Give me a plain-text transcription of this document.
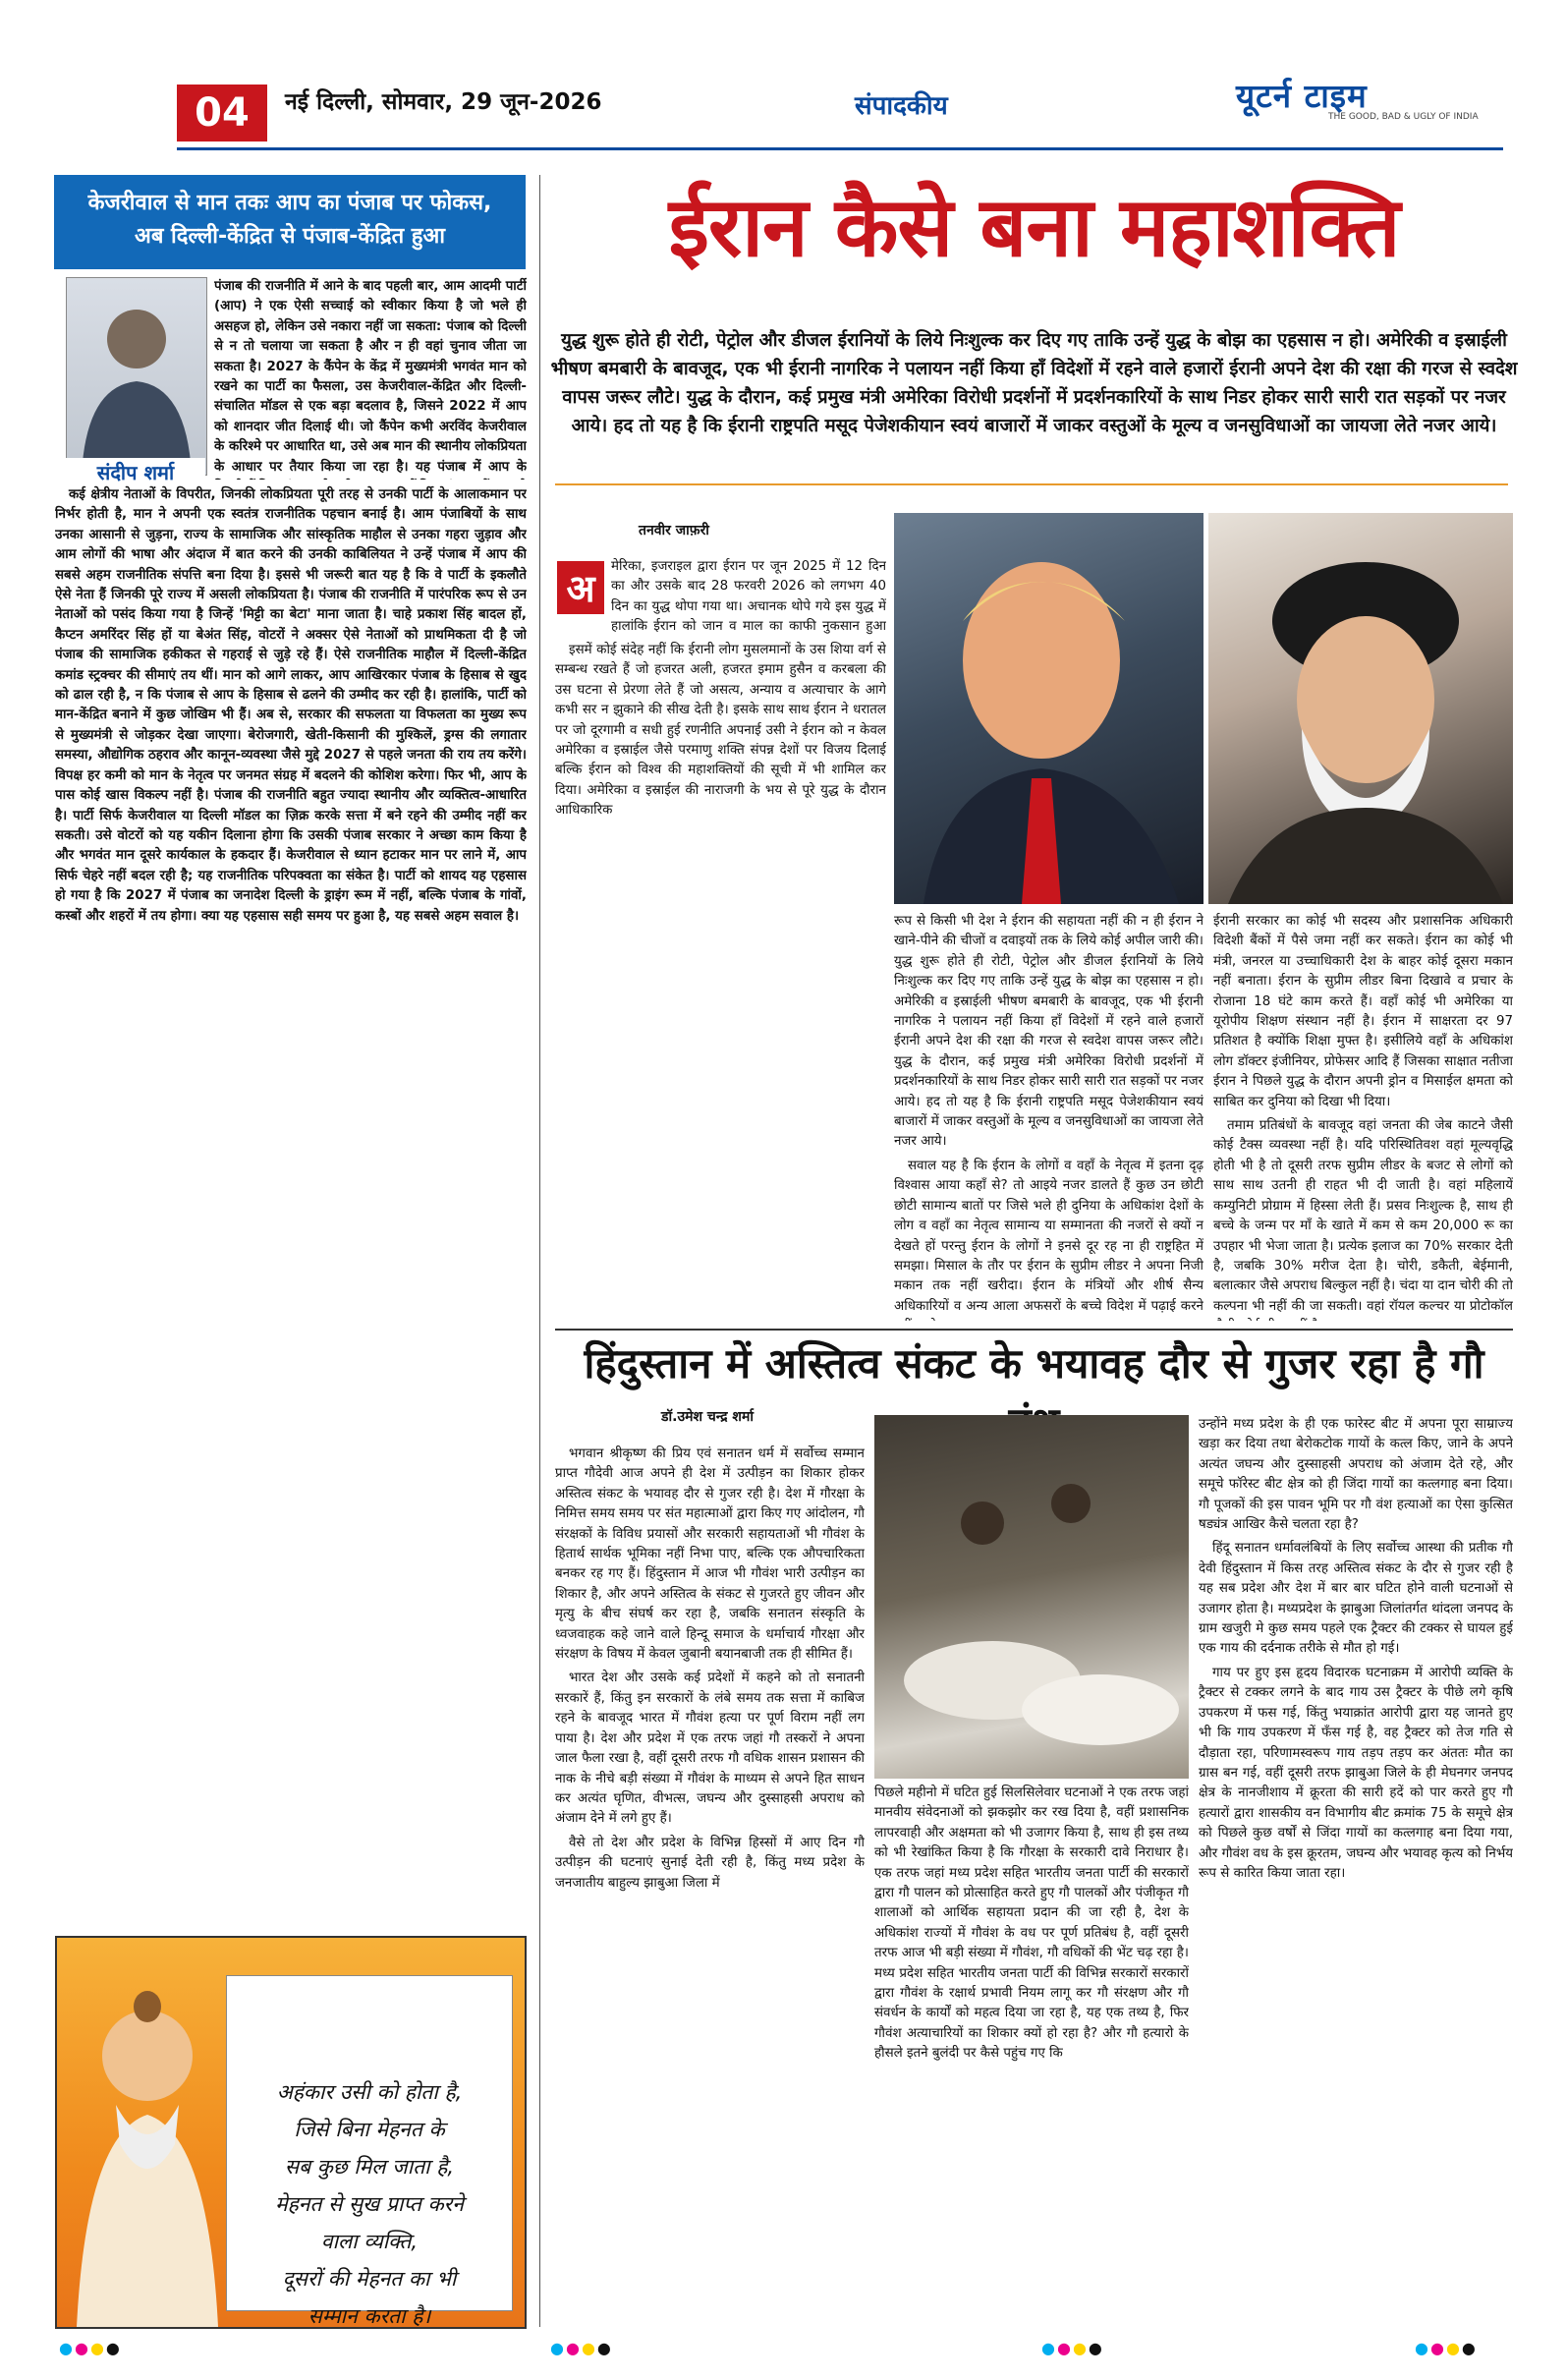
04 नई दिल्ली, सोमवार, 29 जून-2026	संपादकीय	यूटर्न टाइम
THE GOOD, BAD & UGLY OF INDIA
केजरीवाल से मान तकः आप का पंजाब पर फोकस,
अब दिल्ली-केंद्रित से पंजाब-केंद्रित हुआ
संदीप शर्मा

पंजाब की राजनीति में आने के बाद पहली बार, आम आदमी पार्टी (आप) ने एक ऐसी सच्चाई को स्वीकार किया है जो भले ही असहज हो, लेकिन उसे नकारा नहीं जा सकता: पंजाब को दिल्ली से न तो चलाया जा सकता है और न ही वहां चुनाव जीता जा सकता है। 2027 के कैंपेन के केंद्र में मुख्यमंत्री भगवंत मान को रखने का पार्टी का फैसला, उस केजरीवाल-केंद्रित और दिल्ली-संचालित मॉडल से एक बड़ा बदलाव है, जिसने 2022 में आप को शानदार जीत दिलाई थी। जो कैंपेन कभी अरविंद केजरीवाल के करिश्मे पर आधारित था, उसे अब मान की स्थानीय लोकप्रियता के आधार पर तैयार किया जा रहा है। यह पंजाब में आप के

कई क्षेत्रीय नेताओं के विपरीत, जिनकी लोकप्रियता पूरी तरह से उनकी पार्टी के आलाकमान पर निर्भर होती है, मान ने अपनी एक स्वतंत्र राजनीतिक पहचान बनाई है। आम पंजाबियों के साथ उनका आसानी से जुड़ना, राज्य के सामाजिक और सांस्कृतिक माहौल से उनका गहरा जुड़ाव और आम लोगों की भाषा और अंदाज में बात करने की उनकी काबिलियत ने उन्हें पंजाब में आप की सबसे अहम राजनीतिक संपत्ति बना दिया है। इससे भी जरूरी बात यह है कि वे पार्टी के इकलौते ऐसे नेता हैं जिनकी पूरे राज्य में असली लोकप्रियता है। पंजाब की राजनीति में पारंपरिक रूप से उन नेताओं को पसंद किया गया है जिन्हें 'मिट्टी का बेटा' माना जाता है। चाहे प्रकाश सिंह बादल हों, कैप्टन अमरिंदर सिंह हों या बेअंत सिंह, वोटरों ने अक्सर ऐसे नेताओं को प्राथमिकता दी है जो पंजाब की सामाजिक हकीकत से गहराई से जुड़े रहे हैं। ऐसे राजनीतिक माहौल में दिल्ली-केंद्रित कमांड स्ट्रक्चर की सीमाएं तय थीं। मान को आगे लाकर, आप आखिरकार पंजाब के हिसाब से खुद को ढाल रही है, न कि पंजाब से आप के हिसाब से ढलने की उम्मीद कर रही है। हालांकि, पार्टी को मान-केंद्रित बनाने में कुछ जोखिम भी हैं। अब से, सरकार की सफलता या विफलता का मुख्य रूप से मुख्यमंत्री से जोड़कर देखा जाएगा। बेरोजगारी, खेती-किसानी की मुश्किलें, ड्रग्स की लगातार समस्या, औद्योगिक ठहराव और कानून-व्यवस्था जैसे मुद्दे 2027 से पहले जनता की राय तय करेंगे। विपक्ष हर कमी को मान के नेतृत्व पर जनमत संग्रह में बदलने की कोशिश करेगा। फिर भी, आप के पास कोई खास विकल्प नहीं है। पंजाब की राजनीति बहुत ज्यादा स्थानीय और व्यक्तित्व-आधारित है। पार्टी सिर्फ केजरीवाल या दिल्ली मॉडल का ज़िक्र करके सत्ता में बने रहने की उम्मीद नहीं कर सकती। उसे वोटरों को यह यकीन दिलाना होगा कि उसकी पंजाब सरकार ने अच्छा काम किया है और भगवंत मान दूसरे कार्यकाल के हकदार हैं। केजरीवाल से ध्यान हटाकर मान पर लाने में, आप सिर्फ चेहरे नहीं बदल रही है; यह राजनीतिक परिपक्वता का संकेत है। पार्टी को शायद यह एहसास हो गया है कि 2027 में पंजाब का जनादेश दिल्ली के ड्राइंग रूम में नहीं, बल्कि पंजाब के गांवों, कस्बों और शहरों में तय होगा। क्या यह एहसास सही समय पर हुआ है, यह सबसे अहम सवाल है।

अहंकार उसी को होता है,
जिसे बिना मेहनत के
सब कुछ मिल जाता है,
मेहनत से सुख प्राप्त करने
वाला व्यक्ति,
दूसरों की मेहनत का भी
सम्मान करता है।
ईरान कैसे बना महाशक्ति
युद्ध शुरू होते ही रोटी, पेट्रोल और डीजल ईरानियों के लिये निःशुल्क कर दिए गए ताकि उन्हें युद्ध के बोझ का एहसास न हो। अमेरिकी व इस्राईली भीषण बमबारी के बावजूद, एक भी ईरानी नागरिक ने पलायन नहीं किया हाँ विदेशों में रहने वाले हजारों ईरानी अपने देश की रक्षा की गरज से स्वदेश वापस जरूर लौटे। युद्ध के दौरान, कई प्रमुख मंत्री अमेरिका विरोधी प्रदर्शनों में प्रदर्शनकारियों के साथ निडर होकर सारी सारी रात सड़कों पर नजर आये। हद तो यह है कि ईरानी राष्ट्रपति मसूद पेजेशकीयान स्वयं बाजारों में जाकर वस्तुओं के मूल्य व जनसुविधाओं का जायजा लेते नजर आये।
तनवीर जाफ़री
अ

मेरिका, इजराइल द्वारा ईरान पर जून 2025 में 12 दिन का और उसके बाद 28 फरवरी 2026 को लगभग 40 दिन का युद्ध थोपा गया था। अचानक थोपे गये इस युद्ध में हालांकि ईरान को जान व माल का काफी नुकसान हुआ

इसमें कोई संदेह नहीं कि ईरानी लोग मुसलमानों के उस शिया वर्ग से सम्बन्ध रखते हैं जो हजरत अली, हजरत इमाम हुसैन व करबला की उस घटना से प्रेरणा लेते हैं जो असत्य, अन्याय व अत्याचार के आगे कभी सर न झुकाने की सीख देती है। इसके साथ साथ ईरान ने धरातल पर जो दूरगामी व सधी हुई रणनीति अपनाई उसी ने ईरान को न केवल अमेरिका व इस्राईल जैसे परमाणु शक्ति संपन्न देशों पर विजय दिलाई बल्कि ईरान को विश्व की महाशक्तियों की सूची में भी शामिल कर दिया। अमेरिका व इस्राईल की नाराजगी के भय से पूरे युद्ध के दौरान आधिकारिक

रूप से किसी भी देश ने ईरान की सहायता नहीं की न ही ईरान ने खाने-पीने की चीजों व दवाइयों तक के लिये कोई अपील जारी की। युद्ध शुरू होते ही रोटी, पेट्रोल और डीजल ईरानियों के लिये निःशुल्क कर दिए गए ताकि उन्हें युद्ध के बोझ का एहसास न हो। अमेरिकी व इस्राईली भीषण बमबारी के बावजूद, एक भी ईरानी नागरिक ने पलायन नहीं किया हाँ विदेशों में रहने वाले हजारों ईरानी अपने देश की रक्षा की गरज से स्वदेश वापस जरूर लौटे। युद्ध के दौरान, कई प्रमुख मंत्री अमेरिका विरोधी प्रदर्शनों में प्रदर्शनकारियों के साथ निडर होकर सारी सारी रात सड़कों पर नजर आये। हद तो यह है कि ईरानी राष्ट्रपति मसूद पेजेशकीयान स्वयं बाजारों में जाकर वस्तुओं के मूल्य व जनसुविधाओं का जायजा लेते नजर आये।

सवाल यह है कि ईरान के लोगों व वहाँ के नेतृत्व में इतना दृढ़ विश्वास आया कहाँ से? तो आइये नजर डालते हैं कुछ उन छोटी छोटी सामान्य बातों पर जिसे भले ही दुनिया के अधिकांश देशों के लोग व वहाँ का नेतृत्व सामान्य या सम्मानता की नजरों से क्यों न देखते हों परन्तु ईरान के लोगों ने इनसे दूर रह ना ही राष्ट्रहित में समझा। मिसाल के तौर पर ईरान के सुप्रीम लीडर ने अपना निजी मकान तक नहीं खरीदा। ईरान के मंत्रियों और शीर्ष सैन्य अधिकारियों व अन्य आला अफसरों के बच्चे विदेश में पढ़ाई करने

ईरानी सरकार का कोई भी सदस्य और प्रशासनिक अधिकारी विदेशी बैंकों में पैसे जमा नहीं कर सकते। ईरान का कोई भी मंत्री, जनरल या उच्चाधिकारी देश के बाहर कोई दूसरा मकान नहीं बनाता। ईरान के सुप्रीम लीडर बिना दिखावे व प्रचार के रोजाना 18 घंटे काम करते हैं। वहाँ कोई भी अमेरिका या यूरोपीय शिक्षण संस्थान नहीं है। ईरान में साक्षरता दर 97 प्रतिशत है क्योंकि शिक्षा मुफ्त है। इसीलिये वहाँ के अधिकांश लोग डॉक्टर इंजीनियर, प्रोफेसर आदि हैं जिसका साक्षात नतीजा ईरान ने पिछले युद्ध के दौरान अपनी ड्रोन व मिसाईल क्षमता को साबित कर दुनिया को दिखा भी दिया।

तमाम प्रतिबंधों के बावजूद वहां जनता की जेब काटने जैसी कोई टैक्स व्यवस्था नहीं है। यदि परिस्थितिवश वहां मूल्यवृद्धि होती भी है तो दूसरी तरफ सुप्रीम लीडर के बजट से लोगों को साथ साथ उतनी ही राहत भी दी जाती है। वहां महिलायें कम्युनिटी प्रोग्राम में हिस्सा लेती हैं। प्रसव निःशुल्क है, साथ ही बच्चे के जन्म पर माँ के खाते में कम से कम 20,000 रू का उपहार भी भेजा जाता है। प्रत्येक इलाज का 70% सरकार देती है, जबकि 30% मरीज देता है। चोरी, डकैती, बेईमानी, बलात्कार जैसे अपराध बिल्कुल नहीं है। चंदा या दान चोरी की तो कल्पना भी नहीं की जा सकती। वहां रॉयल कल्चर या प्रोटोकॉल

हिंदुस्तान में अस्तित्व संकट के भयावह दौर से गुजर रहा है गौ
डॉ.उमेश चन्द्र शर्मा

भगवान श्रीकृष्ण की प्रिय एवं सनातन धर्म में सर्वोच्च सम्मान प्राप्त गौदेवी आज अपने ही देश में उत्पीड़न का शिकार होकर अस्तित्व संकट के भयावह दौर से गुजर रही है। देश में गौरक्षा के निमित्त समय समय पर संत महात्माओं द्वारा किए गए आंदोलन, गौ संरक्षकों के विविध प्रयासों और सरकारी सहायताओं भी गौवंश के हितार्थ सार्थक भूमिका नहीं निभा पाए, बल्कि एक औपचारिकता बनकर रह गए हैं। हिंदुस्तान में आज भी गौवंश भारी उत्पीड़न का शिकार है, और अपने अस्तित्व के संकट से गुजरते हुए जीवन और मृत्यु के बीच संघर्ष कर रहा है, जबकि सनातन संस्कृति के ध्वजवाहक कहे जाने वाले हिन्दू समाज के धर्माचार्य गौरक्षा और संरक्षण के विषय में केवल जुबानी बयानबाजी तक ही सीमित हैं।

भारत देश और उसके कई प्रदेशों में कहने को तो सनातनी सरकारें हैं, किंतु इन सरकारों के लंबे समय तक सत्ता में काबिज रहने के बावजूद भारत में गौवंश हत्या पर पूर्ण विराम नहीं लग पाया है। देश और प्रदेश में एक तरफ जहां गौ तस्करों ने अपना जाल फैला रखा है, वहीं दूसरी तरफ गौ वधिक शासन प्रशासन की नाक के नीचे बड़ी संख्या में गौवंश के माध्यम से अपने हित साधन कर अत्यंत घृणित, वीभत्स, जघन्य और दुस्साहसी अपराध को अंजाम देने में लगे हुए हैं।

वैसे तो देश और प्रदेश के विभिन्न हिस्सों में आए दिन गौ उत्पीड़न की घटनाएं सुनाई देती रही है, किंतु मध्य प्रदेश के जनजातीय बाहुल्य झाबुआ जिला में

पिछले महीनो में घटित हुई सिलसिलेवार घटनाओं ने एक तरफ जहां मानवीय संवेदनाओं को झकझोर कर रख दिया है, वहीं प्रशासनिक लापरवाही और अक्षमता को भी उजागर किया है, साथ ही इस तथ्य को भी रेखांकित किया है कि गौरक्षा के सरकारी दावे निराधार है। एक तरफ जहां मध्य प्रदेश सहित भारतीय जनता पार्टी की सरकारों द्वारा गौ पालन को प्रोत्साहित करते हुए गौ पालकों और पंजीकृत गौ शालाओं को आर्थिक सहायता प्रदान की जा रही है, देश के अधिकांश राज्यों में गौवंश के वध पर पूर्ण प्रतिबंध है, वहीं दूसरी तरफ आज भी बड़ी संख्या में गौवंश, गौ वधिकों की भेंट चढ़ रहा है। मध्य प्रदेश सहित भारतीय जनता पार्टी की विभिन्न सरकारों सरकारों द्वारा गौवंश के रक्षार्थ प्रभावी नियम लागू कर गौ संरक्षण और गौ संवर्धन के कार्यों को महत्व दिया जा रहा है, यह एक तथ्य है, फिर गौवंश अत्याचारियों का शिकार क्यों हो रहा है? और गौ हत्यारो के हौसले इतने बुलंदी पर कैसे पहुंच गए कि

उन्होंने मध्य प्रदेश के ही एक फारेस्ट बीट में अपना पूरा साम्राज्य खड़ा कर दिया तथा बेरोकटोक गायों के कत्ल किए, जाने के अपने अत्यंत जघन्य और दुस्साहसी अपराध को अंजाम देते रहे, और समूचे फॉरेस्ट बीट क्षेत्र को ही जिंदा गायों का कत्लगाह बना दिया। गौ पूजकों की इस पावन भूमि पर गौ वंश हत्याओं का ऐसा कुत्सित षड्यंत्र आखिर कैसे चलता रहा है?

हिंदू सनातन धर्मावलंबियों के लिए सर्वोच्च आस्था की प्रतीक गौ देवी हिंदुस्तान में किस तरह अस्तित्व संकट के दौर से गुजर रही है यह सब प्रदेश और देश में बार बार घटित होने वाली घटनाओं से उजागर होता है। मध्यप्रदेश के झाबुआ जिलांतर्गत थांदला जनपद के ग्राम खजुरी मे कुछ समय पहले एक ट्रैक्टर की टक्कर से घायल हुई एक गाय की दर्दनाक तरीके से मौत हो गई।

गाय पर हुए इस हृदय विदारक घटनाक्रम में आरोपी व्यक्ति के ट्रैक्टर से टक्कर लगने के बाद गाय उस ट्रैक्टर के पीछे लगे कृषि उपकरण में फस गई, किंतु भयाक्रांत आरोपी द्वारा यह जानते हुए भी कि गाय उपकरण में फँस गई है, वह ट्रैक्टर को तेज गति से दौड़ाता रहा, परिणामस्वरूप गाय तड़प तड़प कर अंततः मौत का ग्रास बन गई, वहीं दूसरी तरफ झाबुआ जिले के ही मेघनगर जनपद क्षेत्र के नानजीशाय में क्रूरता की सारी हदें को पार करते हुए गौ हत्यारों द्वारा शासकीय वन विभागीय बीट क्रमांक 75 के समूचे क्षेत्र को पिछले कुछ वर्षों से जिंदा गायों का कत्लगाह बना दिया गया, और गौवंश वध के इस क्रूरतम, जघन्य और भयावह कृत्य को निर्भय रूप से कारित किया जाता रहा।

●●●●	●●●●	●●●●	●●●●
